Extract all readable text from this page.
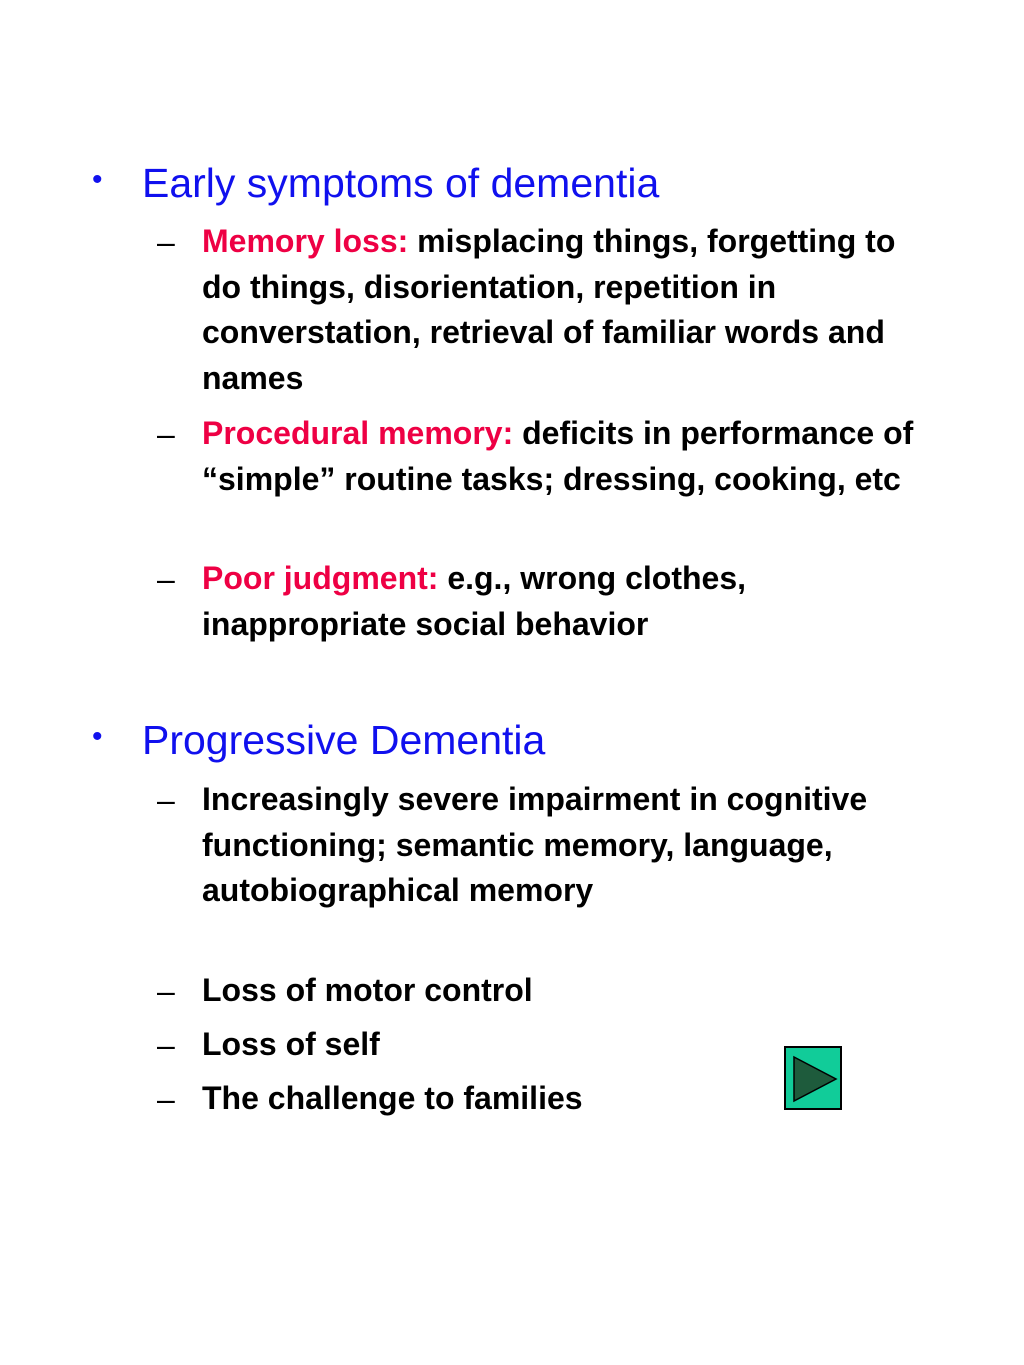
• Early symptoms of dementia
– Memory loss: misplacing things, forgetting to do things, disorientation, repetition in converstation, retrieval of familiar words and names
– Procedural memory: deficits in performance of “simple” routine tasks; dressing, cooking, etc
– Poor judgment: e.g., wrong clothes, inappropriate social behavior
• Progressive Dementia
– Increasingly severe impairment in cognitive functioning; semantic memory, language, autobiographical memory
– Loss of motor control
– Loss of self
– The challenge to families
